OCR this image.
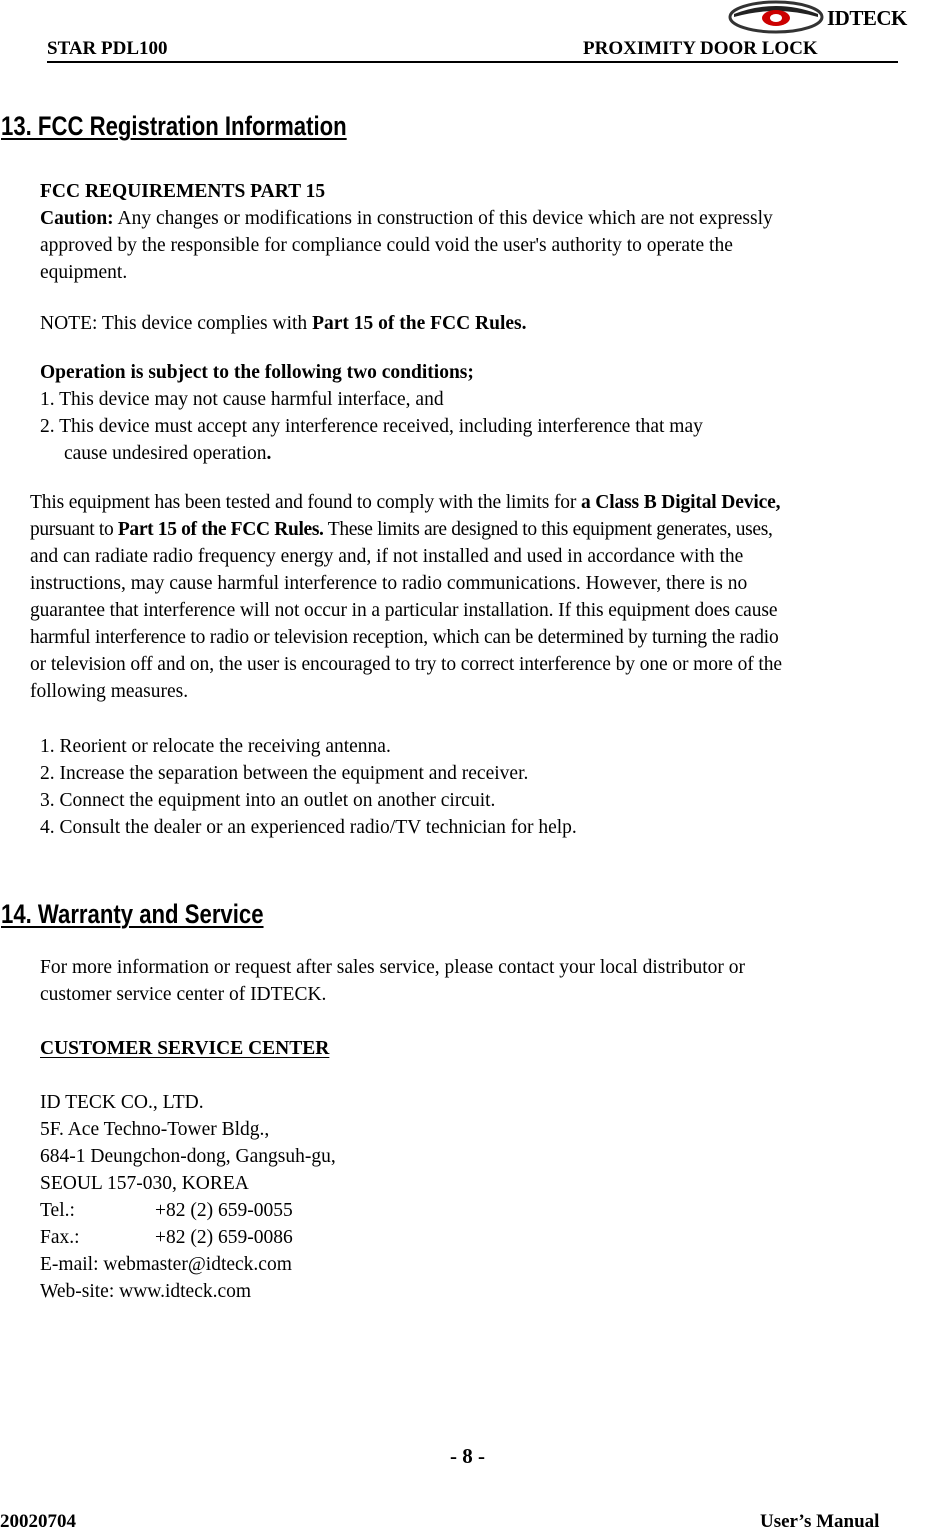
STAR PDL100	PROXIMITY DOOR LOCK
IDTECK
13. FCC Registration Information
FCC REQUIREMENTS PART 15
Caution: Any changes or modifications in construction of this device which are not expressly
approved by the responsible for compliance could void the user's authority to operate the
equipment.
NOTE: This device complies with Part 15 of the FCC Rules.
Operation is subject to the following two conditions;
1. This device may not cause harmful interface, and
2. This device must accept any interference received, including interference that may
cause undesired operation.
This equipment has been tested and found to comply with the limits for a Class B Digital Device,
pursuant to Part 15 of the FCC Rules. These limits are designed to this equipment generates, uses,
and can radiate radio frequency energy and, if not installed and used in accordance with the
instructions, may cause harmful interference to radio communications. However, there is no
guarantee that interference will not occur in a particular installation. If this equipment does cause
harmful interference to radio or television reception, which can be determined by turning the radio
or television off and on, the user is encouraged to try to correct interference by one or more of the
following measures.
1. Reorient or relocate the receiving antenna.
2. Increase the separation between the equipment and receiver.
3. Connect the equipment into an outlet on another circuit.
4. Consult the dealer or an experienced radio/TV technician for help.
14. Warranty and Service
For more information or request after sales service, please contact your local distributor or
customer service center of IDTECK.
CUSTOMER SERVICE CENTER
ID TECK CO., LTD.
5F. Ace Techno-Tower Bldg.,
684-1 Deungchon-dong, Gangsuh-gu,
SEOUL 157-030, KOREA
Tel.:	+82 (2) 659-0055
Fax.:	+82 (2) 659-0086
E-mail: webmaster@idteck.com
Web-site: www.idteck.com
- 8 -
20020704	User’s Manual
